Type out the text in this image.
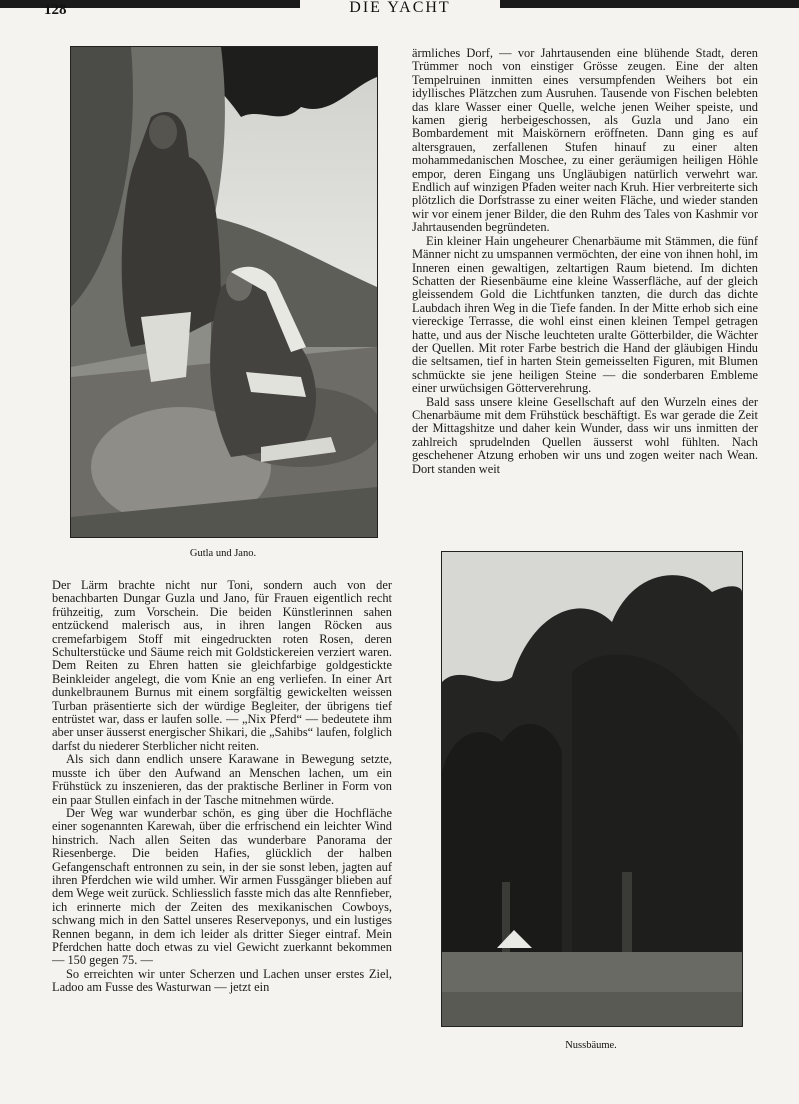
128	DIE YACHT
Gutla und Jano.

ärmliches Dorf, — vor Jahrtausenden eine blühende Stadt, deren Trümmer noch von einstiger Grösse zeugen. Eine der alten Tempelruinen inmitten eines versumpfenden Weihers bot ein idyllisches Plätzchen zum Ausruhen. Tausende von Fischen belebten das klare Wasser einer Quelle, welche jenen Weiher speiste, und kamen gierig herbeigeschossen, als Guzla und Jano ein Bombardement mit Maiskörnern eröffneten. Dann ging es auf altersgrauen, zerfallenen Stufen hinauf zu einer alten mohammedanischen Moschee, zu einer geräumigen heiligen Höhle empor, deren Eingang uns Ungläubigen natürlich verwehrt war. Endlich auf winzigen Pfaden weiter nach Kruh. Hier verbreiterte sich plötzlich die Dorfstrasse zu einer weiten Fläche, und wieder standen wir vor einem jener Bilder, die den Ruhm des Tales von Kashmir vor Jahrtausenden begründeten.

Ein kleiner Hain ungeheurer Chenarbäume mit Stämmen, die fünf Männer nicht zu umspannen vermöchten, der eine von ihnen hohl, im Inneren einen gewaltigen, zeltartigen Raum bietend. Im dichten Schatten der Riesenbäume eine kleine Wasserfläche, auf der gleich gleissendem Gold die Lichtfunken tanzten, die durch das dichte Laubdach ihren Weg in die Tiefe fanden. In der Mitte erhob sich eine viereckige Terrasse, die wohl einst einen kleinen Tempel getragen hatte, und aus der Nische leuchteten uralte Götterbilder, die Wächter der Quellen. Mit roter Farbe bestrich die Hand der gläubigen Hindu die seltsamen, tief in harten Stein gemeisselten Figuren, mit Blumen schmückte sie jene heiligen Steine — die sonderbaren Embleme einer urwüchsigen Götterverehrung.

Bald sass unsere kleine Gesellschaft auf den Wurzeln eines der Chenarbäume mit dem Frühstück beschäftigt. Es war gerade die Zeit der Mittagshitze und daher kein Wunder, dass wir uns inmitten der zahlreich sprudelnden Quellen äusserst wohl fühlten. Nach geschehener Atzung erhoben wir uns und zogen weiter nach Wean. Dort standen weit

Der Lärm brachte nicht nur Toni, sondern auch von der benachbarten Dungar Guzla und Jano, für Frauen eigentlich recht frühzeitig, zum Vorschein. Die beiden Künstlerinnen sahen entzückend malerisch aus, in ihren langen Röcken aus cremefarbigem Stoff mit eingedruckten roten Rosen, deren Schulterstücke und Säume reich mit Goldstickereien verziert waren. Dem Reiten zu Ehren hatten sie gleichfarbige goldgestickte Beinkleider angelegt, die vom Knie an eng verliefen. In einer Art dunkelbraunem Burnus mit einem sorgfältig gewickelten weissen Turban präsentierte sich der würdige Begleiter, der übrigens tief entrüstet war, dass er laufen solle. — „Nix Pferd“ — bedeutete ihm aber unser äusserst energischer Shikari, die „Sahibs“ laufen, folglich darfst du niederer Sterblicher nicht reiten.

Als sich dann endlich unsere Karawane in Bewegung setzte, musste ich über den Aufwand an Menschen lachen, um ein Frühstück zu inszenieren, das der praktische Berliner in Form von ein paar Stullen einfach in der Tasche mitnehmen würde.

Der Weg war wunderbar schön, es ging über die Hochfläche einer sogenannten Karewah, über die erfrischend ein leichter Wind hinstrich. Nach allen Seiten das wunderbare Panorama der Riesenberge. Die beiden Hafies, glücklich der halben Gefangenschaft entronnen zu sein, in der sie sonst leben, jagten auf ihren Pferdchen wie wild umher. Wir armen Fussgänger blieben auf dem Wege weit zurück. Schliesslich fasste mich das alte Rennfieber, ich erinnerte mich der Zeiten des mexikanischen Cowboys, schwang mich in den Sattel unseres Reserveponys, und ein lustiges Rennen begann, in dem ich leider als dritter Sieger eintraf. Mein Pferdchen hatte doch etwas zu viel Gewicht zuerkannt bekommen — 150 gegen 75. —

So erreichten wir unter Scherzen und Lachen unser erstes Ziel, Ladoo am Fusse des Wasturwan — jetzt ein

Nussbäume.
